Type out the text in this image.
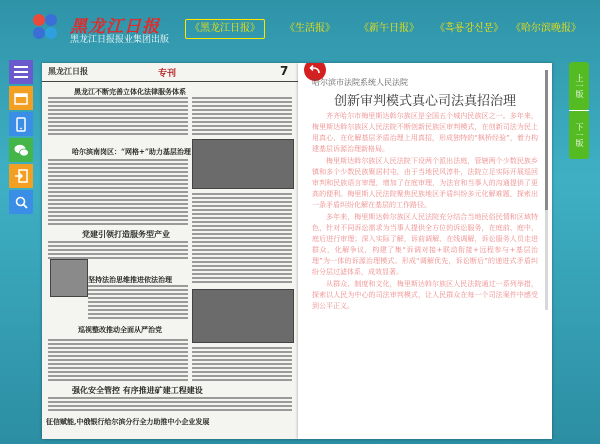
黑龙江日报
黑龙江日报报业集团出版
《黑龙江日报》	《生活报》	《新午日报》	《흑룡강신문》 《哈尔滨晚报》
黑龙江日报	专刊	7
黑龙江不断完善立体化法律服务体系
哈尔滨南岗区：“网格+”助力基层治理
党建引领打造服务型产业
坚持法治思维推进依法治理
巡视整改推动全面从严治党
强化安全管控 有序推进矿建工程建设
征信赋能,中俄银行给尔滨分行全力助推中小企业发展
哈尔滨市法院系统人民法院
创新审判模式真心司法真招治理

齐齐哈尔市梅里斯达斡尔族区是全国五个城内民族区之一。多年来，梅里斯达斡尔族区人民法院不断创新民族区审判模式，在创新司法为民上用真心，在化解基层矛盾治理上用真招，形成独特的“枫桥经验”，着力构建基层诉源治理新格局。

梅里斯达斡尔族区人民法院下设两个派出法庭，管辖两个少数民族乡镇和多个少数民族聚居村屯，由于当地民风淳朴，法院立足实际开展巡回审判和民族语言审理，增加了在庭审理，为法官和当事人的沟通提供了更高的便利。梅里斯人民法院聚焦民族地区矛盾纠纷多元化解难题，探索出一条矛盾纠纷化解在基层的工作路径。

多年来，梅里斯达斡尔族区人民法院充分结合当地民俗民情和区域特色，针对不同诉讼需求为当事人提供全方位的诉讼服务，在庭前、庭中、庭后进行审理；深入实际了解，诉前调解、在线调解，诉讼服务人员走进群众，化解争议，构建了集“诉调对接+联动衔接+远程参与+基层治理”为一体的诉源治理模式。形成“调解优先，诉讼断后”的递进式矛盾纠纷分层过滤体系，成效显著。

从群众、制度和文化，梅里斯达斡尔族区人民法院通过一系列举措，探索以人民为中心的司法审判模式，让人民群众在每一个司法案件中感受到公平正义。

上一版
下一版
